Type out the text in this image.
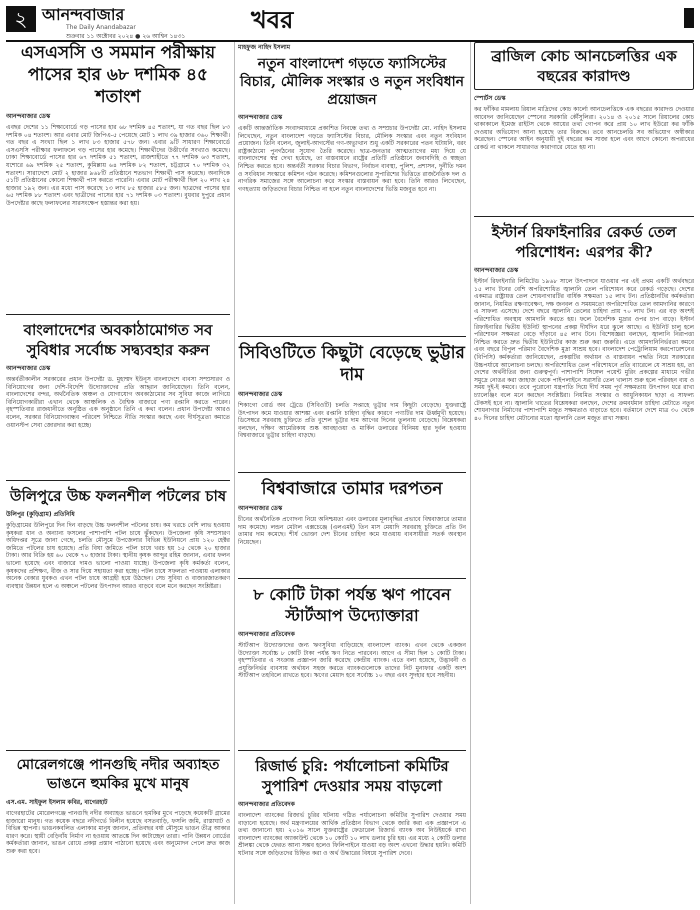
২ আনন্দবাজার
The Daily Anandabazar
শুক্রবার ১১ অক্টোবর ২০২৪ ● ২৬ আশ্বিন ১৪৩১
খবর
এসএসসি ও সমমান পরীক্ষায় পাসের হার ৬৮ দশমিক ৪৫ শতাংশ
আনন্দবাজার ডেস্ক

এবছর দেশের ১১ শিক্ষাবোর্ডে গড় পাসের হার ৬৮ দশমিক ৪৫ শতাংশ, যা গত বছর ছিল ৮৩ দশমিক ০৪ শতাংশ। আর এবার মোট জিপিএ-৫ পেয়েছে মোট ১ লাখ ৩৯ হাজার ৩৬০ শিক্ষার্থী। গত বছর এ সংখ্যা ছিল ১ লাখ ৮৩ হাজার ৫৭৮ জন। এবার ৯টি সাধারণ শিক্ষাবোর্ডে এসএসসি পরীক্ষার ফলাফলে গড় পাসের হার কমেছে। শিক্ষার্থীদের উত্তীর্ণের সংখ্যাও কমেছে। ঢাকা শিক্ষাবোর্ডে পাসের হার ৬৭ দশমিক ৫১ শতাংশ, রাজশাহীতে ৭৭ দশমিক ৬৩ শতাংশ, যশোরে ৬৯ দশমিক ২৫ শতাংশ, কুমিল্লায় ৬৪ দশমিক ৮২ শতাংশ, চট্টগ্রামে ৭০ দশমিক ৩২ শতাংশ। সারাদেশে মোট ২ হাজার ৯৬৮টি প্রতিষ্ঠানে শতভাগ শিক্ষার্থী পাস করেছে। অন্যদিকে ৫১টি প্রতিষ্ঠানের কোনো শিক্ষার্থী পাস করতে পারেনি। এবার মোট পরীক্ষার্থী ছিল ২০ লাখ ২৪ হাজার ১৯২ জন। এর মধ্যে পাস করেছে ১৩ লাখ ৮৫ হাজার ৫৮৫ জন। ছাত্রদের পাসের হার ৬৫ দশমিক ৮৮ শতাংশ এবং ছাত্রীদের পাসের হার ৭১ দশমিক ০৩ শতাংশ। বুধবার দুপুরে প্রধান উপদেষ্টার কাছে ফলাফলের সারসংক্ষেপ হস্তান্তর করা হয়।

বাংলাদেশের অবকাঠামোগত সব সুবিধার সর্বোচ্চ সদ্ব্যবহার করুন
আনন্দবাজার ডেস্ক

অন্তর্বর্তীকালীন সরকারের প্রধান উপদেষ্টা ড. মুহাম্মদ ইউনূস বাংলাদেশে ব্যবসা সম্প্রসারণ ও বিনিয়োগের জন্য দেশি-বিদেশি উদ্যোক্তাদের প্রতি আহ্বান জানিয়েছেন। তিনি বলেন, বাংলাদেশের বন্দর, অর্থনৈতিক অঞ্চল ও যোগাযোগ অবকাঠামোর সব সুবিধা কাজে লাগিয়ে বিনিয়োগকারীরা এখান থেকে আঞ্চলিক ও বৈশ্বিক বাজারে পণ্য রপ্তানি করতে পারেন। বৃহস্পতিবার রাজধানীতে অনুষ্ঠিত এক অনুষ্ঠানে তিনি এ কথা বলেন। প্রধান উপদেষ্টা আরও বলেন, সরকার বিনিয়োগবান্ধব পরিবেশ নিশ্চিতে নীতি সংস্কার করছে এবং দীর্ঘসূত্রতা কমাতে ওয়ানস্টপ সেবা জোরদার করা হচ্ছে।

উলিপুরে উচ্চ ফলনশীল পটলের চাষ
উলিপুর (কুড়িগ্রাম) প্রতিনিধি

কুড়িগ্রামের উলিপুরে দিন দিন বাড়ছে উচ্চ ফলনশীল পটলের চাষ। কম খরচে বেশি লাভ হওয়ায় কৃষকরা ধান ও অন্যান্য ফসলের পাশাপাশি পটল চাষে ঝুঁকছেন। উপজেলা কৃষি সম্প্রসারণ অধিদপ্তর সূত্রে জানা গেছে, চলতি মৌসুমে উপজেলার বিভিন্ন ইউনিয়নে প্রায় ১২০ হেক্টর জমিতে পটলের চাষ হয়েছে। প্রতি বিঘা জমিতে পটল চাষে খরচ হয় ১৫ থেকে ২০ হাজার টাকা। আর বিক্রি হয় ৬০ থেকে ৭০ হাজার টাকা। স্থানীয় কৃষক আব্দুর রহিম জানান, এবার ফলন ভালো হয়েছে এবং বাজারে দামও ভালো পাওয়া যাচ্ছে। উপজেলা কৃষি কর্মকর্তা বলেন, কৃষকদের প্রশিক্ষণ, বীজ ও সার দিয়ে সহায়তা করা হচ্ছে। পটল চাষে সফলতা পাওয়ায় এলাকার অনেক বেকার যুবকও এখন পটল চাষে আগ্রহী হয়ে উঠছেন। সেচ সুবিধা ও বাজারজাতকরণ ব্যবস্থার উন্নয়ন হলে এ অঞ্চলে পটলের উৎপাদন আরও বাড়বে বলে মনে করছেন সংশ্লিষ্টরা।

মোরেলগঞ্জে পানগুছি নদীর অব্যাহত ভাঙনে হুমকির মুখে মানুষ
এস.এম. সাইফুল ইসলাম কবির, বাগেরহাট

বাগেরহাটের মোরেলগঞ্জে পানগুছি নদীর অব্যাহত ভাঙনে হুমকির মুখে পড়েছে কয়েকটি গ্রামের হাজারো মানুষ। গত কয়েক বছরে নদীগর্ভে বিলীন হয়েছে বসতবাড়ি, ফসলি জমি, রাস্তাঘাট ও বিভিন্ন স্থাপনা। ভাঙনকবলিত এলাকার মানুষ জানান, প্রতিবছর বর্ষা মৌসুমে ভাঙন তীব্র আকার ধারণ করে। স্থায়ী বেড়িবাঁধ নির্মাণ না হওয়ায় আতঙ্কে দিন কাটাচ্ছেন তারা। পানি উন্নয়ন বোর্ডের কর্মকর্তারা জানান, ভাঙন রোধে প্রকল্প প্রস্তাব পাঠানো হয়েছে এবং অনুমোদন পেলে দ্রুত কাজ শুরু করা হবে।

মাহফুজ নাহিদ ইসলাম
নতুন বাংলাদেশ গড়তে ফ্যাসিস্টের বিচার, মৌলিক সংস্কার ও নতুন সংবিধান প্রয়োজন
আনন্দবাজার ডেস্ক

একটি আন্তর্জাতিক সংবাদমাধ্যমে প্রকাশিত নিবন্ধে তথ্য ও সম্প্রচার উপদেষ্টা মো. নাহিদ ইসলাম লিখেছেন, নতুন বাংলাদেশ গড়তে ফ্যাসিস্টের বিচার, মৌলিক সংস্কার এবং নতুন সংবিধান প্রয়োজন। তিনি বলেন, জুলাই-আগস্টের গণ-অভ্যুত্থান শুধু একটি সরকারের পতন ঘটায়নি, বরং রাষ্ট্রকাঠামো পুনর্গঠনের সুযোগ তৈরি করেছে। ছাত্র-জনতার আত্মত্যাগের মধ্য দিয়ে যে বাংলাদেশের স্বপ্ন দেখা হয়েছে, তা বাস্তবায়নে রাষ্ট্রের প্রতিটি প্রতিষ্ঠানে জবাবদিহি ও স্বচ্ছতা নিশ্চিত করতে হবে। অন্তর্বর্তী সরকার বিচার বিভাগ, নির্বাচন ব্যবস্থা, পুলিশ, প্রশাসন, দুর্নীতি দমন ও সংবিধান সংস্কারে কমিশন গঠন করেছে। কমিশনগুলোর সুপারিশের ভিত্তিতে রাজনৈতিক দল ও নাগরিক সমাজের সঙ্গে আলোচনা করে সংস্কার বাস্তবায়ন করা হবে। তিনি আরও লিখেছেন, গণহত্যায় জড়িতদের বিচার নিশ্চিত না হলে নতুন বাংলাদেশের ভিত্তি মজবুত হবে না।

সিবিওটিতে কিছুটা বেড়েছে ভুট্টার দাম
আনন্দবাজার ডেস্ক

শিকাগো বোর্ড অব ট্রেডে (সিবিওটি) চলতি সপ্তাহে ভুট্টার দাম কিছুটা বেড়েছে। যুক্তরাষ্ট্রে উৎপাদন কমে যাওয়ার আশঙ্কা এবং রপ্তানি চাহিদা বৃদ্ধির কারণে পণ্যটির দাম ঊর্ধ্বমুখী হয়েছে। ডিসেম্বরে সরবরাহ চুক্তিতে প্রতি বুশেল ভুট্টার দাম আগের দিনের তুলনায় বেড়েছে। বিশ্লেষকরা বলছেন, দক্ষিণ আমেরিকায় শুষ্ক আবহাওয়া ও মার্কিন ডলারের বিনিময় হার দুর্বল হওয়ায় বিশ্ববাজারে ভুট্টার চাহিদা বাড়ছে।

বিশ্ববাজারে তামার দরপতন
আনন্দবাজার ডেস্ক

চীনের অর্থনৈতিক প্রণোদনা নিয়ে অনিশ্চয়তা এবং ডলারের মূল্যবৃদ্ধির প্রভাবে বিশ্ববাজারে তামার দাম কমেছে। লন্ডন মেটাল এক্সচেঞ্জে (এলএমই) তিন মাস মেয়াদি সরবরাহ চুক্তিতে প্রতি টন তামার দাম কমেছে। শীর্ষ ভোক্তা দেশ চীনের চাহিদা কমে যাওয়ায় ব্যবসায়ীরা সতর্ক অবস্থান নিয়েছেন।

৮ কোটি টাকা পর্যন্ত ঋণ পাবেন স্টার্টআপ উদ্যোক্তারা
আনন্দবাজার প্রতিবেদক

স্টার্টআপ উদ্যোক্তাদের জন্য ঋণসুবিধা বাড়িয়েছে বাংলাদেশ ব্যাংক। এখন থেকে একজন উদ্যোক্তা সর্বোচ্চ ৮ কোটি টাকা পর্যন্ত ঋণ নিতে পারবেন। আগে এ সীমা ছিল ১ কোটি টাকা। বৃহস্পতিবার এ সংক্রান্ত প্রজ্ঞাপন জারি করেছে কেন্দ্রীয় ব্যাংক। এতে বলা হয়েছে, উদ্ভাবনী ও প্রযুক্তিনির্ভর ব্যবসায় অর্থায়ন সহজ করতে ব্যাংকগুলোকে তাদের নিট মুনাফার একটি অংশ স্টার্টআপ তহবিলে রাখতে হবে। ঋণের মেয়াদ হবে সর্বোচ্চ ১০ বছর এবং সুদহার হবে সহনীয়।

রিজার্ভ চুরি: পর্যালোচনা কমিটির সুপারিশ দেওয়ার সময় বাড়লো
আনন্দবাজার প্রতিবেদক

বাংলাদেশ ব্যাংকের রিজার্ভ চুরির ঘটনায় গঠিত পর্যালোচনা কমিটির সুপারিশ দেওয়ার সময় বাড়ানো হয়েছে। অর্থ মন্ত্রণালয়ের আর্থিক প্রতিষ্ঠান বিভাগ থেকে জারি করা এক প্রজ্ঞাপনে এ তথ্য জানানো হয়। ২০১৬ সালে যুক্তরাষ্ট্রের ফেডারেল রিজার্ভ ব্যাংক অব নিউইয়র্কে রাখা বাংলাদেশ ব্যাংকের অ্যাকাউন্ট থেকে ১০ কোটি ১০ লাখ ডলার চুরি হয়। এর মধ্যে ২ কোটি ডলার শ্রীলঙ্কা থেকে ফেরত আনা সম্ভব হলেও ফিলিপাইনে যাওয়া বড় অংশ এখনো উদ্ধার হয়নি। কমিটি ঘটনার সঙ্গে জড়িতদের চিহ্নিত করা ও অর্থ উদ্ধারের বিষয়ে সুপারিশ দেবে।

ব্রাজিল কোচ আনচেলত্তির এক বছরের কারাদণ্ড
স্পোর্টস ডেস্ক

কর ফাঁকির মামলায় রিয়াল মাদ্রিদের কোচ কার্লো আনচেলত্তিকে এক বছরের কারাদণ্ড দেওয়ার আবেদন জানিয়েছেন স্পেনের সরকারি কৌঁসুলিরা। ২০১৪ ও ২০১৫ সালে রিয়ালের কোচ থাকাকালে ইমেজ রাইটস থেকে আয়ের তথ্য গোপন করে প্রায় ১০ লাখ ইউরো কর ফাঁকি দেওয়ার অভিযোগ আনা হয়েছে তার বিরুদ্ধে। তবে আনচেলত্তি সব অভিযোগ অস্বীকার করেছেন। স্পেনের আইন অনুযায়ী দুই বছরের কম সাজা হলে এবং আগে কোনো অপরাধের রেকর্ড না থাকলে সাধারণত কারাগারে যেতে হয় না।

ইস্টার্ন রিফাইনারির রেকর্ড তেল পরিশোধন: এরপর কী?
আনন্দবাজার ডেস্ক

ইস্টার্ন রিফাইনারি লিমিটেড ১৯৬৮ সালে উৎপাদনে যাওয়ার পর এই প্রথম একটি অর্থবছরে ১৫ লাখ টনের বেশি অপরিশোধিত জ্বালানি তেল পরিশোধন করে রেকর্ড গড়েছে। দেশের একমাত্র রাষ্ট্রায়ত্ত তেল শোধনাগারটির বার্ষিক সক্ষমতা ১৫ লাখ টন। প্রতিষ্ঠানটির কর্মকর্তারা জানান, নিয়মিত রক্ষণাবেক্ষণ, দক্ষ জনবল ও সময়মতো অপরিশোধিত তেল আমদানির কারণে এ সাফল্য এসেছে। দেশে বছরে জ্বালানি তেলের চাহিদা প্রায় ৭০ লাখ টন। এর বড় অংশই পরিশোধিত অবস্থায় আমদানি করতে হয়। ফলে বৈদেশিক মুদ্রার ওপর চাপ বাড়ে। ইস্টার্ন রিফাইনারির দ্বিতীয় ইউনিট স্থাপনের প্রকল্প দীর্ঘদিন ধরে ঝুলে আছে। এ ইউনিট চালু হলে পরিশোধন সক্ষমতা বেড়ে দাঁড়াবে ৪৫ লাখ টনে। বিশেষজ্ঞরা বলছেন, জ্বালানি নিরাপত্তা নিশ্চিত করতে দ্রুত দ্বিতীয় ইউনিটের কাজ শুরু করা জরুরি। এতে আমদানিনির্ভরতা কমবে এবং বছরে বিপুল পরিমাণ বৈদেশিক মুদ্রা সাশ্রয় হবে। বাংলাদেশ পেট্রোলিয়াম করপোরেশনের (বিপিসি) কর্মকর্তারা জানিয়েছেন, প্রকল্পটির অর্থায়ন ও বাস্তবায়ন পদ্ধতি নিয়ে সরকারের উচ্চপর্যায়ে আলোচনা চলছে। অপরিশোধিত তেল পরিশোধনে প্রতি ব্যারেলে যে সাশ্রয় হয়, তা দেশের অর্থনীতির জন্য গুরুত্বপূর্ণ। পাশাপাশি সিঙ্গেল পয়েন্ট মুরিং প্রকল্পের মাধ্যমে গভীর সমুদ্রে নোঙর করা জাহাজ থেকে পাইপলাইনে সরাসরি তেল খালাস শুরু হলে পরিবহন ব্যয় ও সময় দুই-ই কমবে। তবে পুরোনো যন্ত্রপাতি দিয়ে দীর্ঘ সময় পূর্ণ সক্ষমতায় উৎপাদন ধরে রাখা চ্যালেঞ্জিং বলে মনে করছেন সংশ্লিষ্টরা। নিয়মিত সংস্কার ও আধুনিকায়ন ছাড়া এ সাফল্য টেকসই হবে না। জ্বালানি খাতের বিশ্লেষকরা বলছেন, দেশের ক্রমবর্ধমান চাহিদা মেটাতে নতুন শোধনাগার নির্মাণের পাশাপাশি মজুত সক্ষমতাও বাড়াতে হবে। বর্তমানে দেশে মাত্র ৩০ থেকে ৪০ দিনের চাহিদা মেটানোর মতো জ্বালানি তেল মজুত রাখা সম্ভব।
